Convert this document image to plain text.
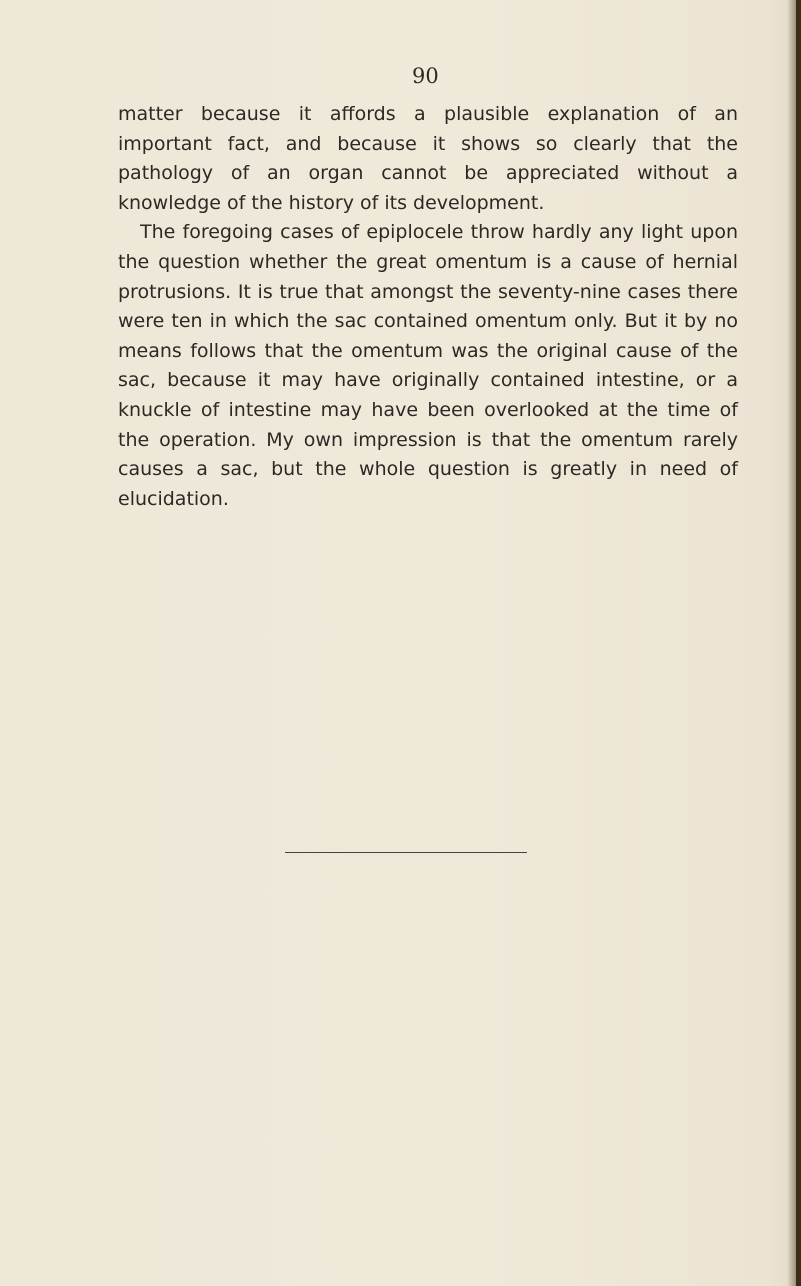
90

matter because it affords a plausible explanation of an important fact, and because it shows so clearly that the pathology of an organ cannot be appreciated without a knowledge of the history of its development.

The foregoing cases of epiplocele throw hardly any light upon the question whether the great omentum is a cause of hernial protrusions. It is true that amongst the seventy-nine cases there were ten in which the sac contained omentum only. But it by no means follows that the omentum was the original cause of the sac, because it may have originally contained intestine, or a knuckle of intestine may have been overlooked at the time of the operation. My own impression is that the omentum rarely causes a sac, but the whole question is greatly in need of elucidation.
